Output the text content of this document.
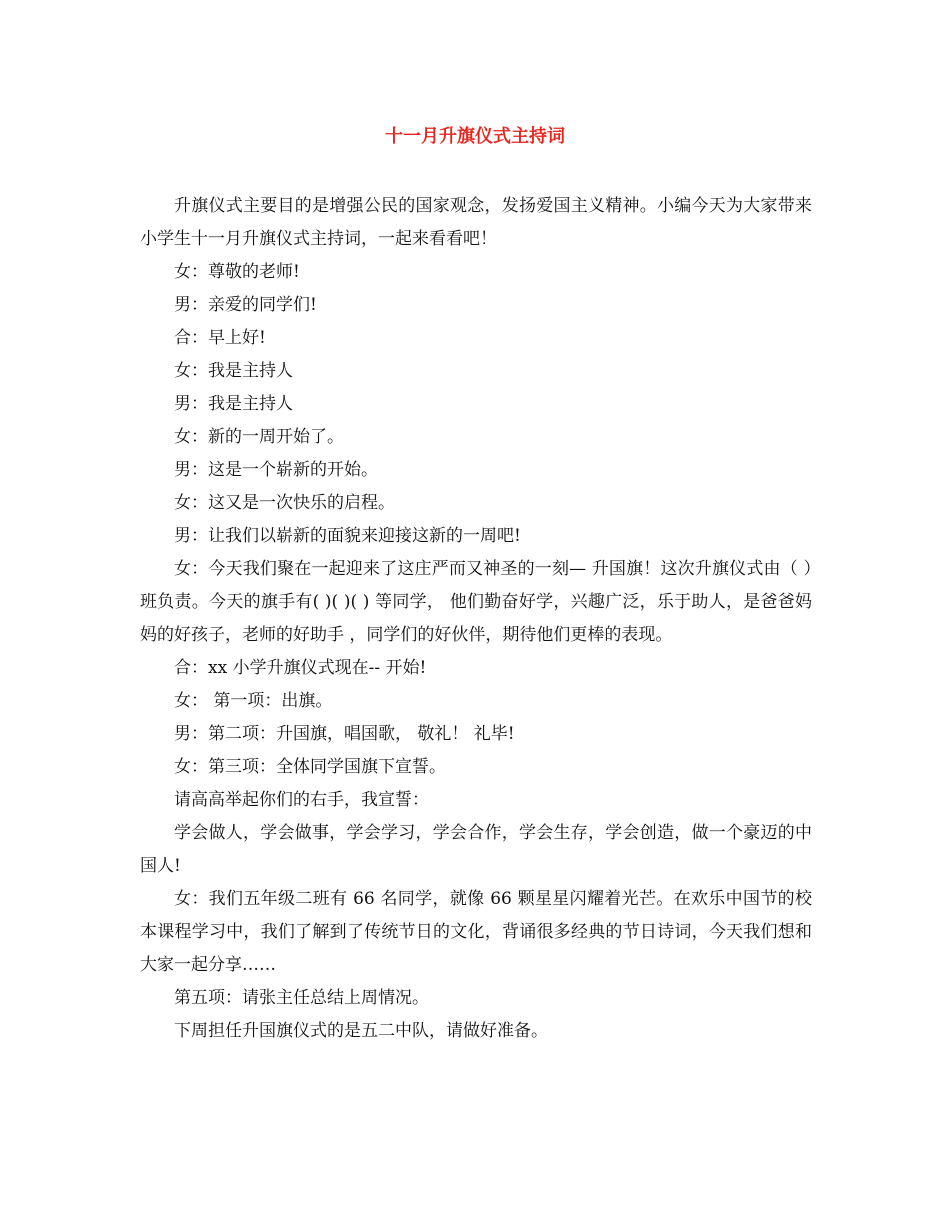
十一月升旗仪式主持词

升旗仪式主要目的是增强公民的国家观念，发扬爱国主义精神。小编今天为大家带来小学生十一月升旗仪式主持词，一起来看看吧！

女：尊敬的老师!

男：亲爱的同学们!

合：早上好!

女：我是主持人

男：我是主持人

女：新的一周开始了。

男：这是一个崭新的开始。

女：这又是一次快乐的启程。

男：让我们以崭新的面貌来迎接这新的一周吧!

女：今天我们聚在一起迎来了这庄严而又神圣的一刻— 升国旗！这次升旗仪式由（ ）班负责。今天的旗手有( )( )( ) 等同学， 他们勤奋好学，兴趣广泛，乐于助人，是爸爸妈妈的好孩子，老师的好助手 ，同学们的好伙伴，期待他们更棒的表现。

合：xx 小学升旗仪式现在-- 开始!

女： 第一项：出旗。

男：第二项：升国旗，唱国歌， 敬礼！ 礼毕!

女：第三项：全体同学国旗下宣誓。

请高高举起你们的右手，我宣誓：

学会做人，学会做事，学会学习，学会合作，学会生存，学会创造，做一个豪迈的中国人!

女：我们五年级二班有 66 名同学，就像 66 颗星星闪耀着光芒。在欢乐中国节的校本课程学习中，我们了解到了传统节日的文化，背诵很多经典的节日诗词，今天我们想和大家一起分享……

第五项：请张主任总结上周情况。

下周担任升国旗仪式的是五二中队，请做好准备。
